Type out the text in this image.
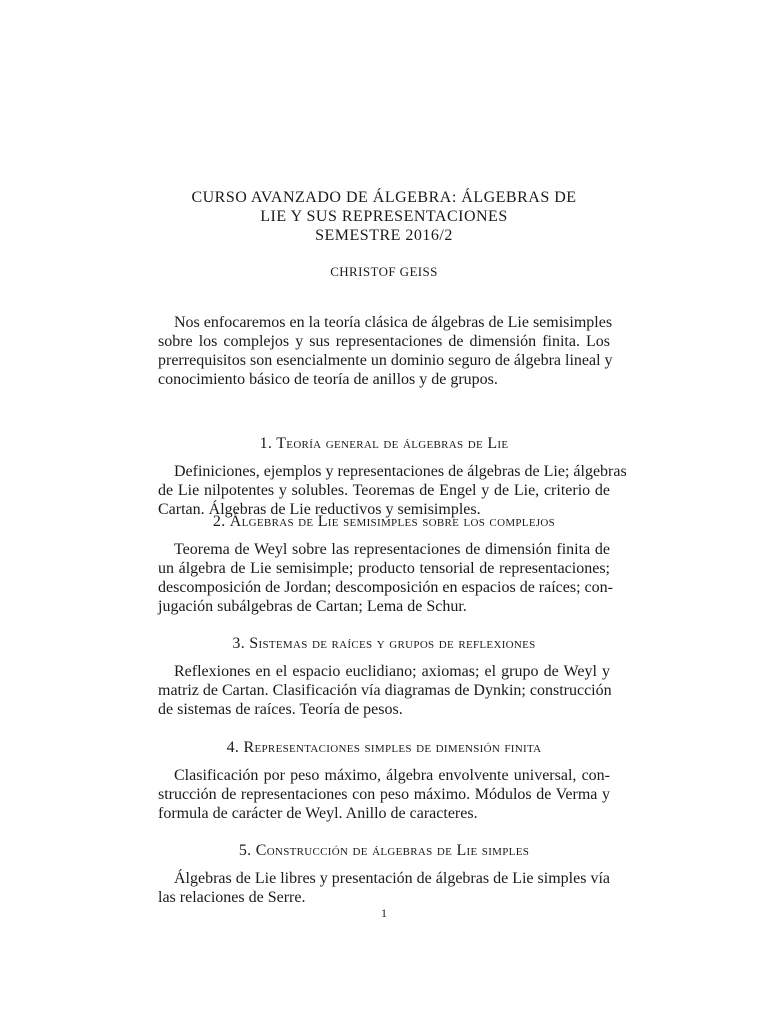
CURSO AVANZADO DE ÁLGEBRA: ÁLGEBRAS DE
LIE Y SUS REPRESENTACIONES
SEMESTRE 2016/2
CHRISTOF GEISS
Nos enfocaremos en la teoría clásica de álgebras de Lie semisimples
sobre los complejos y sus representaciones de dimensión finita. Los
prerrequisitos son esencialmente un dominio seguro de álgebra lineal y
conocimiento básico de teoría de anillos y de grupos.
1. Teoría general de álgebras de Lie
Definiciones, ejemplos y representaciones de álgebras de Lie; álgebras
de Lie nilpotentes y solubles. Teoremas de Engel y de Lie, criterio de
Cartan. Álgebras de Lie reductivos y semisimples.
2. Álgebras de Lie semisimples sobre los complejos
Teorema de Weyl sobre las representaciones de dimensión finita de
un álgebra de Lie semisimple; producto tensorial de representaciones;
descomposición de Jordan; descomposición en espacios de raíces; con-
jugación subálgebras de Cartan; Lema de Schur.
3. Sistemas de raíces y grupos de reflexiones
Reflexiones en el espacio euclidiano; axiomas; el grupo de Weyl y
matriz de Cartan. Clasificación vía diagramas de Dynkin; construcción
de sistemas de raíces. Teoría de pesos.
4. Representaciones simples de dimensión finita
Clasificación por peso máximo, álgebra envolvente universal, con-
strucción de representaciones con peso máximo. Módulos de Verma y
formula de carácter de Weyl. Anillo de caracteres.
5. Construcción de álgebras de Lie simples
Álgebras de Lie libres y presentación de álgebras de Lie simples vía
las relaciones de Serre.
1
